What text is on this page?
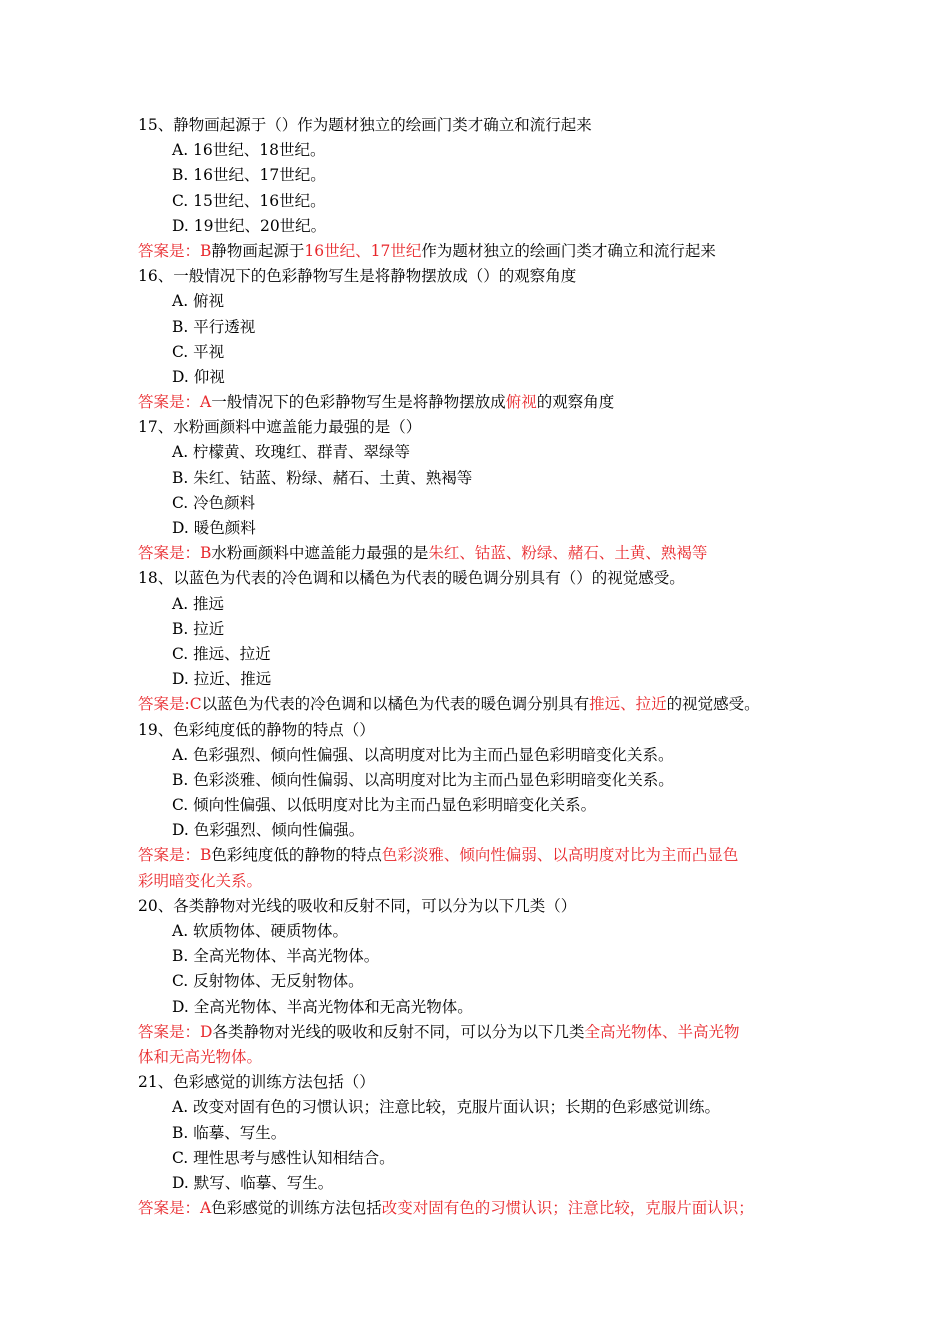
15、静物画起源于（）作为题材独立的绘画门类才确立和流行起来
A. 16世纪、18世纪。
B. 16世纪、17世纪。
C. 15世纪、16世纪。
D. 19世纪、20世纪。
答案是：B静物画起源于16世纪、17世纪作为题材独立的绘画门类才确立和流行起来
16、一般情况下的色彩静物写生是将静物摆放成（）的观察角度
A. 俯视
B. 平行透视
C. 平视
D. 仰视
答案是：A一般情况下的色彩静物写生是将静物摆放成俯视的观察角度
17、水粉画颜料中遮盖能力最强的是（）
A. 柠檬黄、玫瑰红、群青、翠绿等
B. 朱红、钴蓝、粉绿、赭石、土黄、熟褐等
C. 冷色颜料
D. 暖色颜料
答案是：B水粉画颜料中遮盖能力最强的是朱红、钴蓝、粉绿、赭石、土黄、熟褐等
18、以蓝色为代表的冷色调和以橘色为代表的暖色调分别具有（）的视觉感受。
A. 推远
B. 拉近
C. 推远、拉近
D. 拉近、推远
答案是:C以蓝色为代表的冷色调和以橘色为代表的暖色调分别具有推远、拉近的视觉感受。
19、色彩纯度低的静物的特点（）
A. 色彩强烈、倾向性偏强、以高明度对比为主而凸显色彩明暗变化关系。
B. 色彩淡雅、倾向性偏弱、以高明度对比为主而凸显色彩明暗变化关系。
C. 倾向性偏强、以低明度对比为主而凸显色彩明暗变化关系。
D. 色彩强烈、倾向性偏强。
答案是：B色彩纯度低的静物的特点色彩淡雅、倾向性偏弱、以高明度对比为主而凸显色
彩明暗变化关系。
20、各类静物对光线的吸收和反射不同，可以分为以下几类（）
A. 软质物体、硬质物体。
B. 全高光物体、半高光物体。
C. 反射物体、无反射物体。
D. 全高光物体、半高光物体和无高光物体。
答案是：D各类静物对光线的吸收和反射不同，可以分为以下几类全高光物体、半高光物
体和无高光物体。
21、色彩感觉的训练方法包括（）
A. 改变对固有色的习惯认识；注意比较，克服片面认识；长期的色彩感觉训练。
B. 临摹、写生。
C. 理性思考与感性认知相结合。
D. 默写、临摹、写生。
答案是：A色彩感觉的训练方法包括改变对固有色的习惯认识；注意比较，克服片面认识；
